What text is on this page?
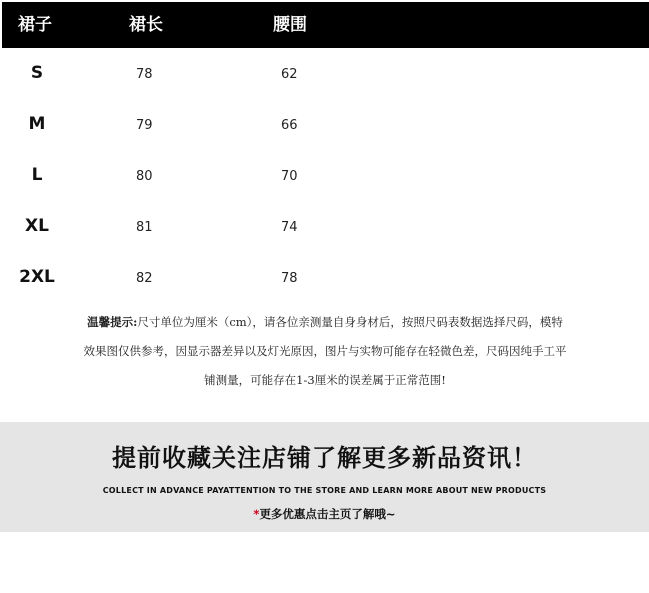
裙子	裙长	腰围
S	78	62
M	79	66
L	80	70
XL	81	74
2XL	82	78
温馨提示:尺寸单位为厘米（cm），请各位亲测量自身身材后，按照尺码表数据选择尺码，模特
效果图仅供参考，因显示器差异以及灯光原因，图片与实物可能存在轻微色差，尺码因纯手工平
铺测量，可能存在1-3厘米的误差属于正常范围!
提前收藏关注店铺了解更多新品资讯！
COLLECT IN ADVANCE PAYATTENTION TO THE STORE AND LEARN MORE ABOUT NEW PRODUCTS
*更多优惠点击主页了解哦~
